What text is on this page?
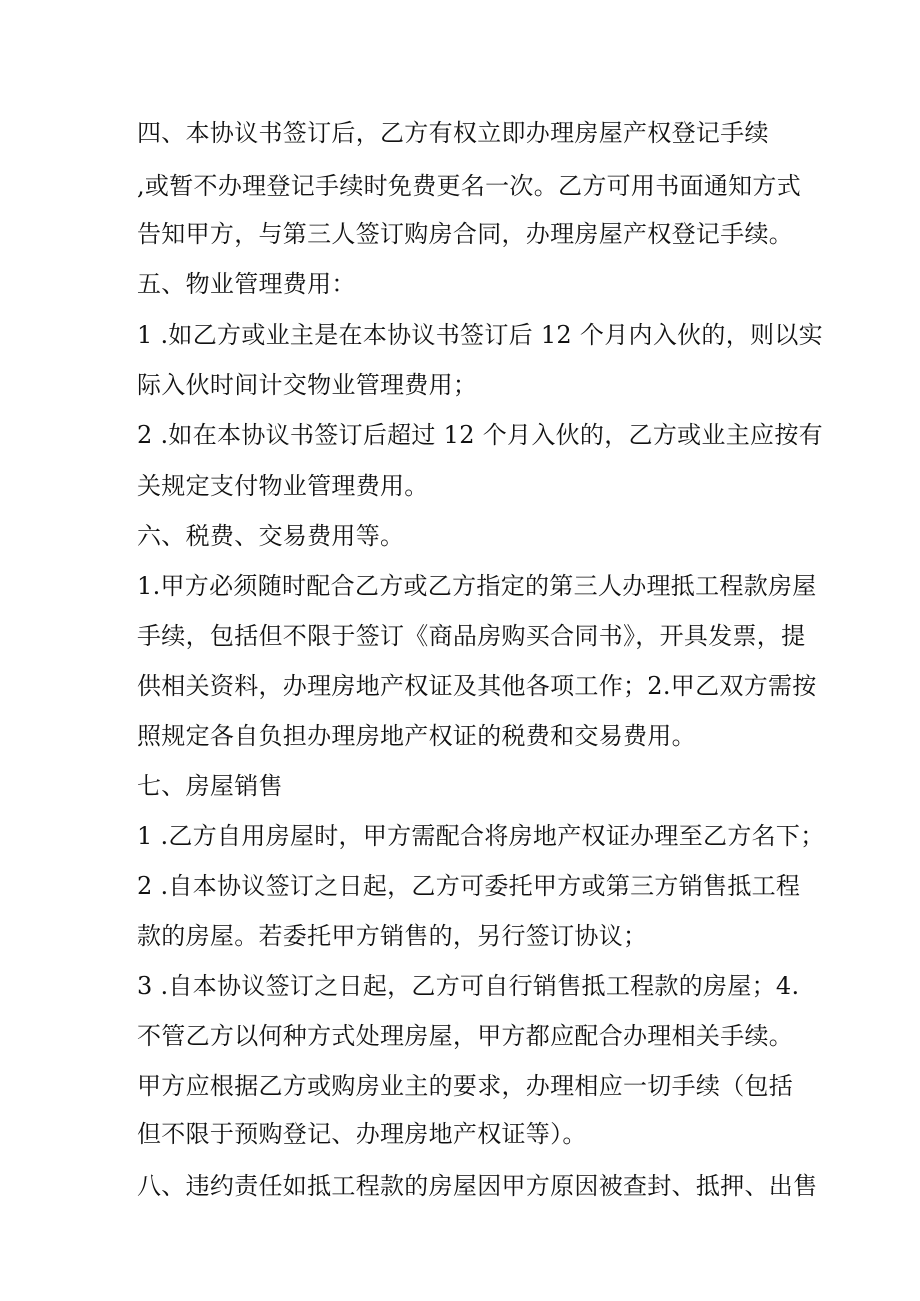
四、本协议书签订后，乙方有权立即办理房屋产权登记手续
,或暂不办理登记手续时免费更名一次。乙方可用书面通知方式
告知甲方，与第三人签订购房合同，办理房屋产权登记手续。
五、物业管理费用：
1 .如乙方或业主是在本协议书签订后 12 个月内入伙的，则以实
际入伙时间计交物业管理费用；
2 .如在本协议书签订后超过 12 个月入伙的，乙方或业主应按有
关规定支付物业管理费用。
六、税费、交易费用等。
1.甲方必须随时配合乙方或乙方指定的第三人办理抵工程款房屋
手续，包括但不限于签订《商品房购买合同书》，开具发票，提
供相关资料，办理房地产权证及其他各项工作；2.甲乙双方需按
照规定各自负担办理房地产权证的税费和交易费用。
七、房屋销售
1 .乙方自用房屋时，甲方需配合将房地产权证办理至乙方名下；
2 .自本协议签订之日起，乙方可委托甲方或第三方销售抵工程
款的房屋。若委托甲方销售的，另行签订协议；
3 .自本协议签订之日起，乙方可自行销售抵工程款的房屋；4.
不管乙方以何种方式处理房屋，甲方都应配合办理相关手续。
甲方应根据乙方或购房业主的要求，办理相应一切手续（包括
但不限于预购登记、办理房地产权证等）。
八、违约责任如抵工程款的房屋因甲方原因被查封、抵押、出售
